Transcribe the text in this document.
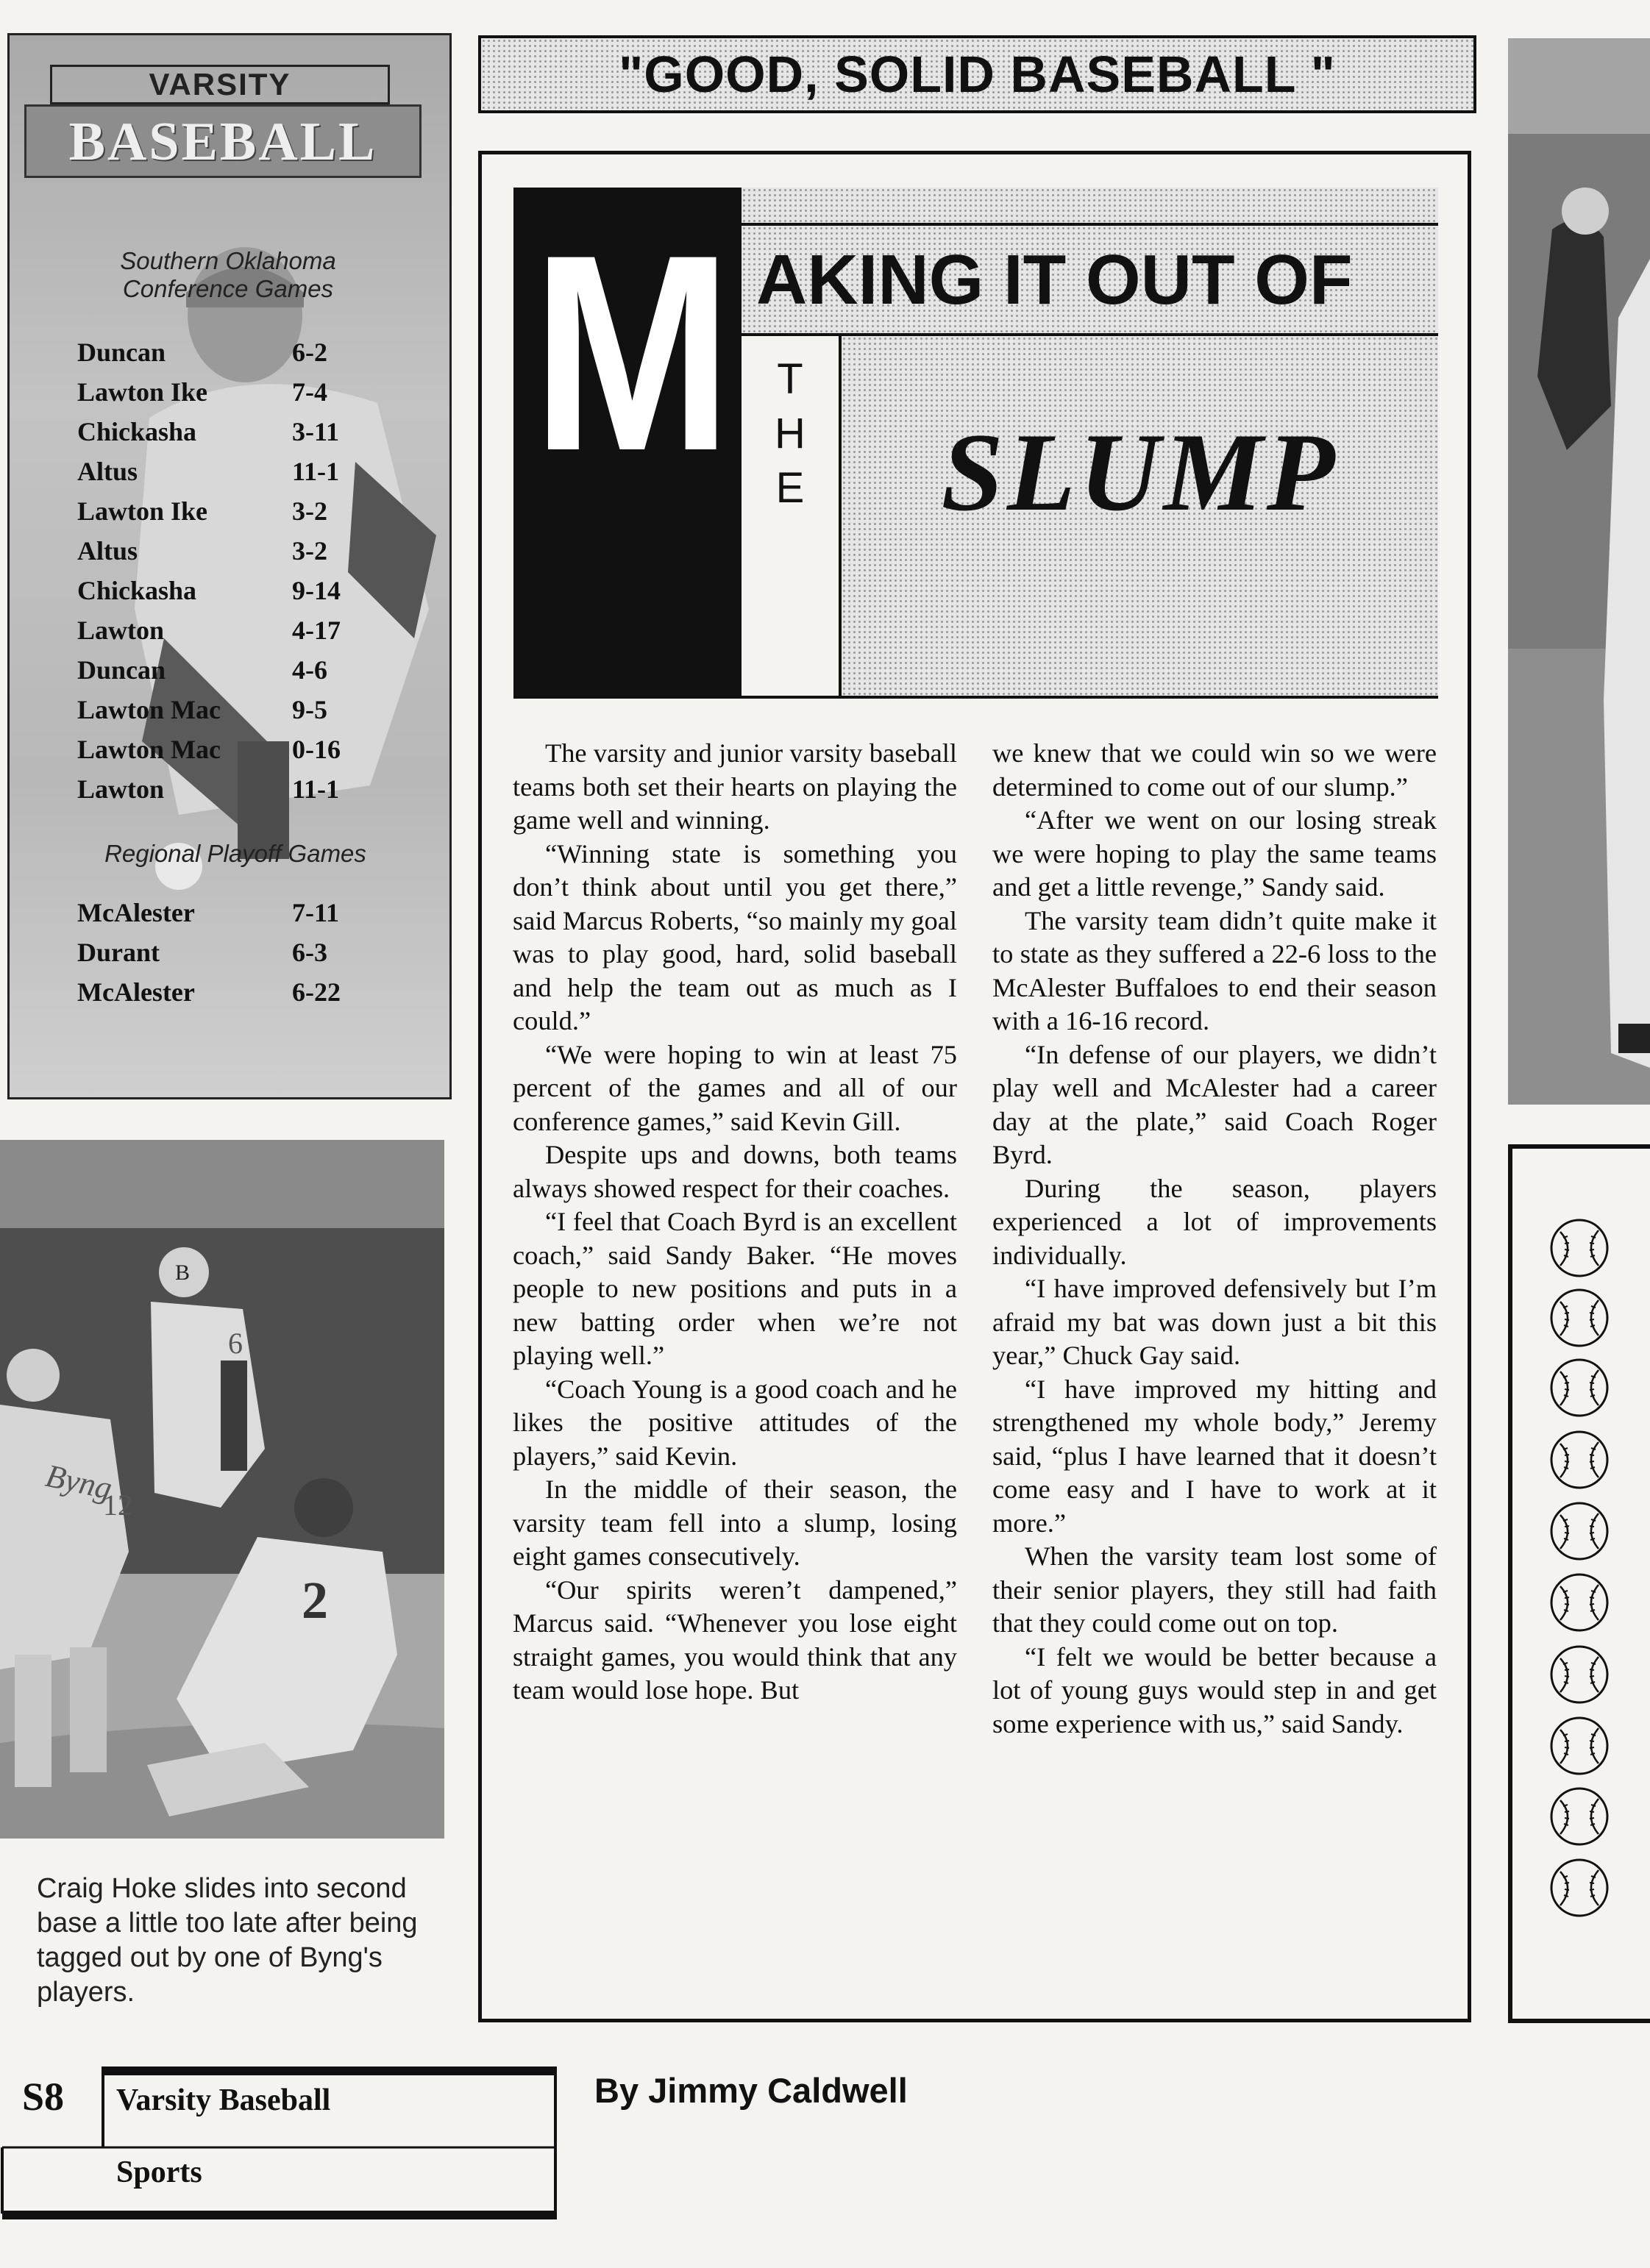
VARSITY
BASEBALL
Southern Oklahoma
Conference Games
Duncan	6-2
Lawton Ike	7-4
Chickasha	3-11
Altus	11-1
Lawton Ike	3-2
Altus	3-2
Chickasha	9-14
Lawton	4-17
Duncan	4-6
Lawton Mac	9-5
Lawton Mac	0-16
Lawton	11-1
Regional Playoff Games
McAlester	7-11
Durant	6-3
McAlester	6-22
2
Byng
12
6
B
Craig Hoke slides into second base a little too late after being tagged out by one of Byng's players.
"GOOD, SOLID BASEBALL "
M AKING IT OUT OF
T
H
E	SLUMP

The varsity and junior varsity baseball teams both set their hearts on playing the game well and winning.

“Winning state is something you don’t think about until you get there,” said Marcus Roberts, “so mainly my goal was to play good, hard, solid baseball and help the team out as much as I could.”

“We were hoping to win at least 75 percent of the games and all of our conference games,” said Kevin Gill.

Despite ups and downs, both teams always showed respect for their coaches.

“I feel that Coach Byrd is an excellent coach,” said Sandy Baker. “He moves people to new positions and puts in a new batting order when we’re not playing well.”

“Coach Young is a good coach and he likes the positive attitudes of the players,” said Kevin.

In the middle of their season, the varsity team fell into a slump, losing eight games consecutively.

“Our spirits weren’t dampened,” Marcus said. “Whenever you lose eight straight games, you would think that any team would lose hope. But

we knew that we could win so we were determined to come out of our slump.”

“After we went on our losing streak we were hoping to play the same teams and get a little revenge,” Sandy said.

The varsity team didn’t quite make it to state as they suffered a 22-6 loss to the McAlester Buffaloes to end their season with a 16-16 record.

“In defense of our players, we didn’t play well and McAlester had a career day at the plate,” said Coach Roger Byrd.

During the season, players experienced a lot of improvements individually.

“I have improved defensively but I’m afraid my bat was down just a bit this year,” Chuck Gay said.

“I have improved my hitting and strengthened my whole body,” Jeremy said, “plus I have learned that it doesn’t come easy and I have to work at it more.”

When the varsity team lost some of their senior players, they still had faith that they could come out on top.

“I felt we would be better because a lot of young guys would step in and get some experience with us,” said Sandy.

S8 Varsity Baseball
Sports
By Jimmy Caldwell
